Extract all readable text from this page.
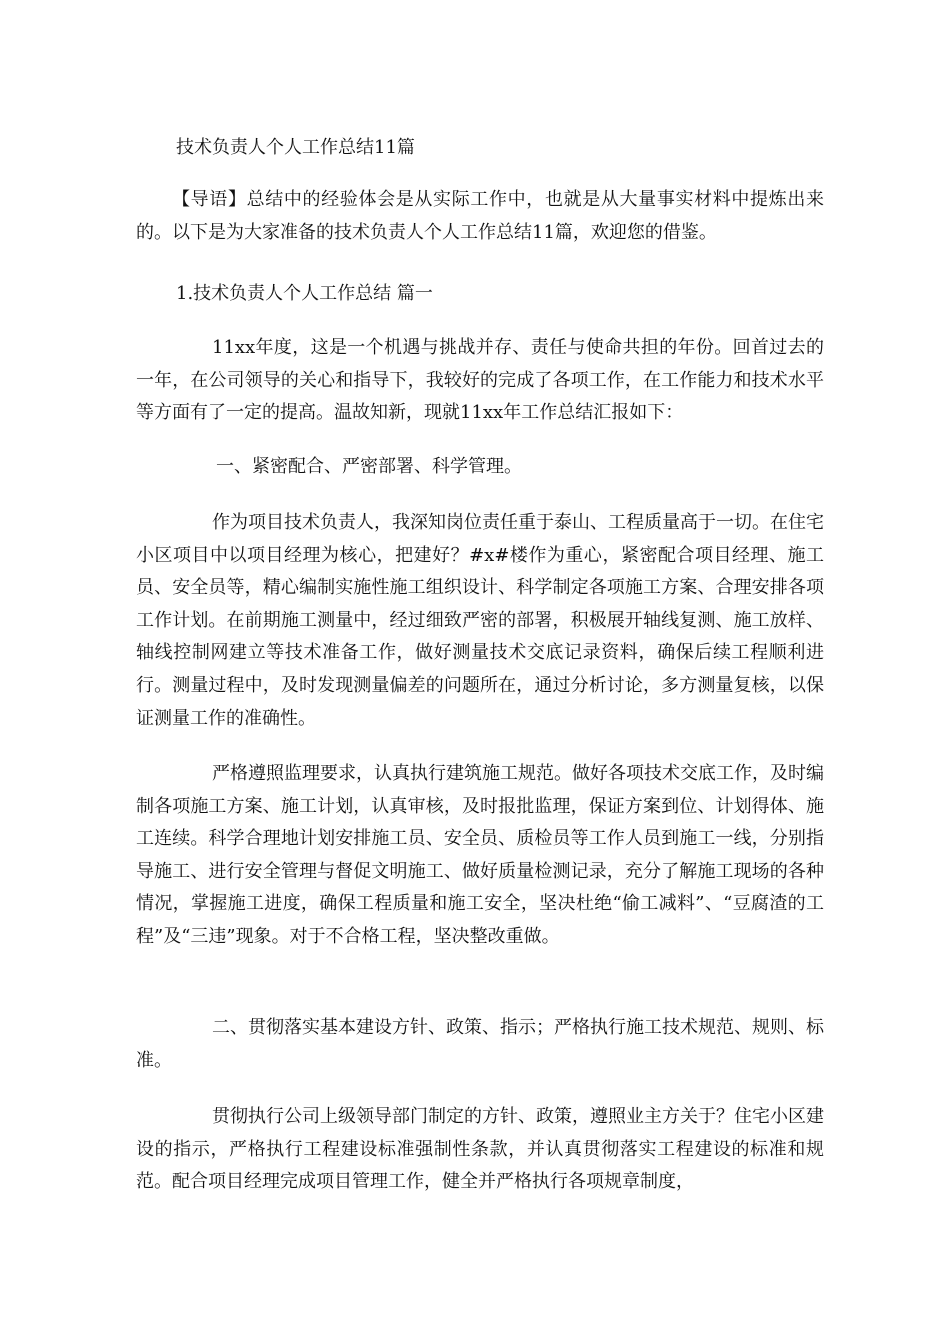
技术负责人个人工作总结11篇

【导语】总结中的经验体会是从实际工作中，也就是从大量事实材料中提炼出来的。以下是为大家准备的技术负责人个人工作总结11篇，欢迎您的借鉴。

1.技术负责人个人工作总结 篇一

11xx年度，这是一个机遇与挑战并存、责任与使命共担的年份。回首过去的一年，在公司领导的关心和指导下，我较好的完成了各项工作，在工作能力和技术水平等方面有了一定的提高。温故知新，现就11xx年工作总结汇报如下：

一、紧密配合、严密部署、科学管理。

作为项目技术负责人，我深知岗位责任重于泰山、工程质量高于一切。在住宅小区项目中以项目经理为核心，把建好？#x#楼作为重心，紧密配合项目经理、施工员、安全员等，精心编制实施性施工组织设计、科学制定各项施工方案、合理安排各项工作计划。在前期施工测量中，经过细致严密的部署，积极展开轴线复测、施工放样、轴线控制网建立等技术准备工作，做好测量技术交底记录资料，确保后续工程顺利进行。测量过程中，及时发现测量偏差的问题所在，通过分析讨论，多方测量复核，以保证测量工作的准确性。

严格遵照监理要求，认真执行建筑施工规范。做好各项技术交底工作，及时编制各项施工方案、施工计划，认真审核，及时报批监理，保证方案到位、计划得体、施工连续。科学合理地计划安排施工员、安全员、质检员等工作人员到施工一线，分别指导施工、进行安全管理与督促文明施工、做好质量检测记录，充分了解施工现场的各种情况，掌握施工进度，确保工程质量和施工安全，坚决杜绝“偷工减料”、“豆腐渣的工程”及“三违”现象。对于不合格工程，坚决整改重做。

二、贯彻落实基本建设方针、政策、指示；严格执行施工技术规范、规则、标准。

贯彻执行公司上级领导部门制定的方针、政策，遵照业主方关于？住宅小区建设的指示，严格执行工程建设标准强制性条款，并认真贯彻落实工程建设的标准和规范。配合项目经理完成项目管理工作，健全并严格执行各项规章制度，
